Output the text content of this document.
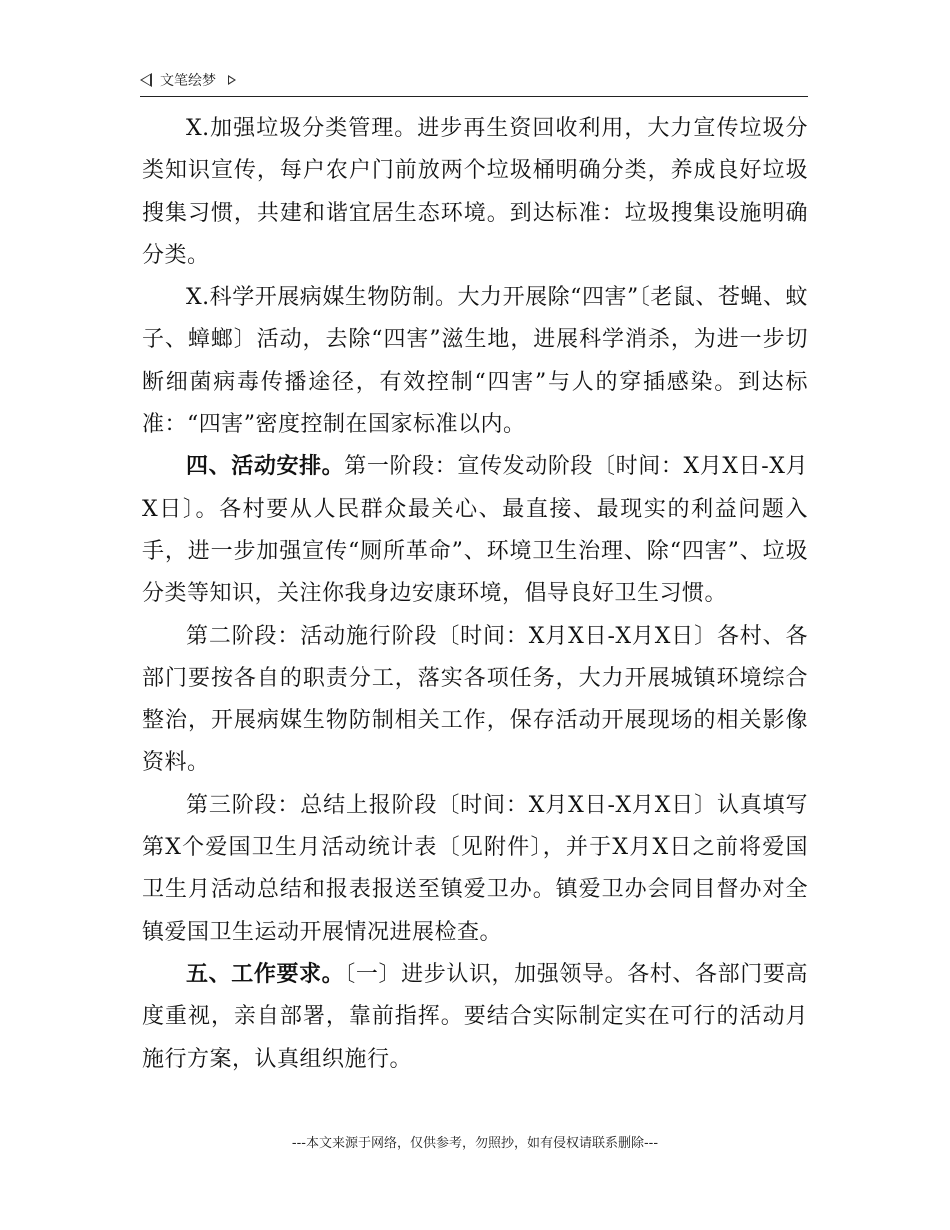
文笔绘梦

X.加强垃圾分类管理。进步再生资回收利用，大力宣传垃圾分类知识宣传，每户农户门前放两个垃圾桶明确分类，养成良好垃圾搜集习惯，共建和谐宜居生态环境。到达标准：垃圾搜集设施明确分类。

X.科学开展病媒生物防制。大力开展除“四害”〔老鼠、苍蝇、蚊子、蟑螂〕活动，去除“四害”滋生地，进展科学消杀，为进一步切断细菌病毒传播途径，有效控制“四害”与人的穿插感染。到达标准：“四害”密度控制在国家标准以内。

四、活动安排。第一阶段：宣传发动阶段〔时间：X月X日-X月X日〕。各村要从人民群众最关心、最直接、最现实的利益问题入手，进一步加强宣传“厕所革命”、环境卫生治理、除“四害”、垃圾分类等知识，关注你我身边安康环境，倡导良好卫生习惯。

第二阶段：活动施行阶段〔时间：X月X日-X月X日〕各村、各部门要按各自的职责分工，落实各项任务，大力开展城镇环境综合整治，开展病媒生物防制相关工作，保存活动开展现场的相关影像资料。

第三阶段：总结上报阶段〔时间：X月X日-X月X日〕认真填写第X个爱国卫生月活动统计表〔见附件〕，并于X月X日之前将爱国卫生月活动总结和报表报送至镇爱卫办。镇爱卫办会同目督办对全镇爱国卫生运动开展情况进展检查。

五、工作要求。〔一〕进步认识，加强领导。各村、各部门要高度重视，亲自部署，靠前指挥。要结合实际制定实在可行的活动月施行方案，认真组织施行。

---本文来源于网络，仅供参考，勿照抄，如有侵权请联系删除---
